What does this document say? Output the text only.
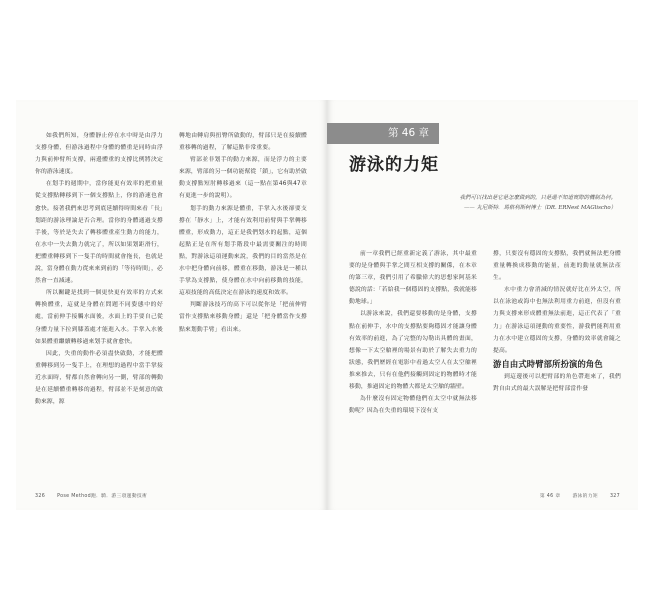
如我們所知，身體靜止停在水中時是由浮力支撐身體，但游泳過程中身體的體重是同時由浮力與前伸臂所支撐，兩邊體重的支撐比例將決定你的游泳速度。

在划手的週期中，當你能更有效率的把重量從支撐點轉移到下一個支撐點上，你的游速也會愈快。接著我們來思考到底延續得時間來看「長」划距的游泳理論是否合理。當你的身體通過支撐手後，等於是失去了轉移體重產生動力的能力，在水中一失去動力就完了，所以如果划距滑行，把體重轉移到下一隻手的時間就會拖長，也就是說，當身體在動力從來來到前的「等待時間」，必然會一直減速。

所以關鍵是找到一個更快更有效率的方式來轉換體重，這就是身體在問題不同姿態中的好處，當前伸手接觸水面後，水面上的手要自己從身體力量下拉到膝蓋處才能進入水。手掌入水後如果體重繼續轉移過來划手就會愈快。

因此，失重的動作必須盡快啟動，才能把體重轉移到另一隻手上，在理想的過程中當手掌接近水面時，臂都自然會轉向另一側，臂部的轉動是在延續體重轉移的過程，臂部並不是刻意的啟動來源，源

轉地由轉肩與扭臀所啟動的，臂部只是在接續體重移轉的過程，了解這點非常重要。

臂部並非划手的動力來源，而是浮力的主要來源，臂部的另一個功能幫從「鎖」，它有助於啟動支撐點短肘轉移過來（這一點在第46與47章有更進一步的說明）。

划手的動力來源是體重，手掌入水後卻要支撐在「靜水」上，才能有效利用前臂與手掌轉移體重，形成動力，這正是我們划水的起點，這個起點正是在所有划手階段中最需要關注的時間點，對游泳這項運動來說，我們的目的當然是在水中把身體向前移，體重在移動，游泳是一種以手掌為支撐點，使身體在水中向前移動的技能，這項技能的高低決定在游泳的速度和效率。

判斷游泳技巧的高下可以從你是「把前伸臂當作支撐點來移動身體」還是「把身體當作支撐點來划動手臂」看出來。

326	Pose Method跑．騎．游三項運動技術
第 46 章
游泳的力矩
我們可以找出是它是怎麼做到的，只是還不知道實際的機制為何。
—— 丸尼斯特．馬格利斯柯博士（DR. ERNest MAGlischo）

前一章我們已經重新定義了游泳，其中最重要的是身體與手掌之間互相支撐的關係，在本章的第三章，我們引用了希臘偉大的思想家阿基米德說的話：「若給我一個穩固的支撐點，我就能移動地球。」

以游泳來說，我們還要移動的是身體，支撐點在前伸手，水中的支撐點要夠穩固才能讓身體有效率的前進，為了完整的勾勒出具體的畫面，想像一下太空艙裡的場景有助於了解失去重力的狀態，我們歷經在電影中看過太空人在太空艙裡推來推去，只有在他們接觸到固定的物體時才能移動，推過固定的物體大都是太空艙的牆壁。

為什麼沒有固定物體他們在太空中就無法移動呢？因為在失重的環境下沒有支

撐，只要沒有穩固的支撐點，我們就無法把身體重量轉換成移動的能量，前進的動量就無法產生。

水中重力會消減的情況就好比在外太空，所以在泳池或海中也無法利用重力前進，但沒有重力與支撐來形成體重無法前進，這正代表了「重力」在游泳這項運動的重要性，游我們能利用重力在水中建立穩固的支撐，身體的效率就會隨之提高。

游自由式時臂部所扮演的角色

到這邊後可以把臂部的角色帶進來了，我們對自由式的最大誤解是把臂部當作發

第 46 章	游泳的力矩	327
